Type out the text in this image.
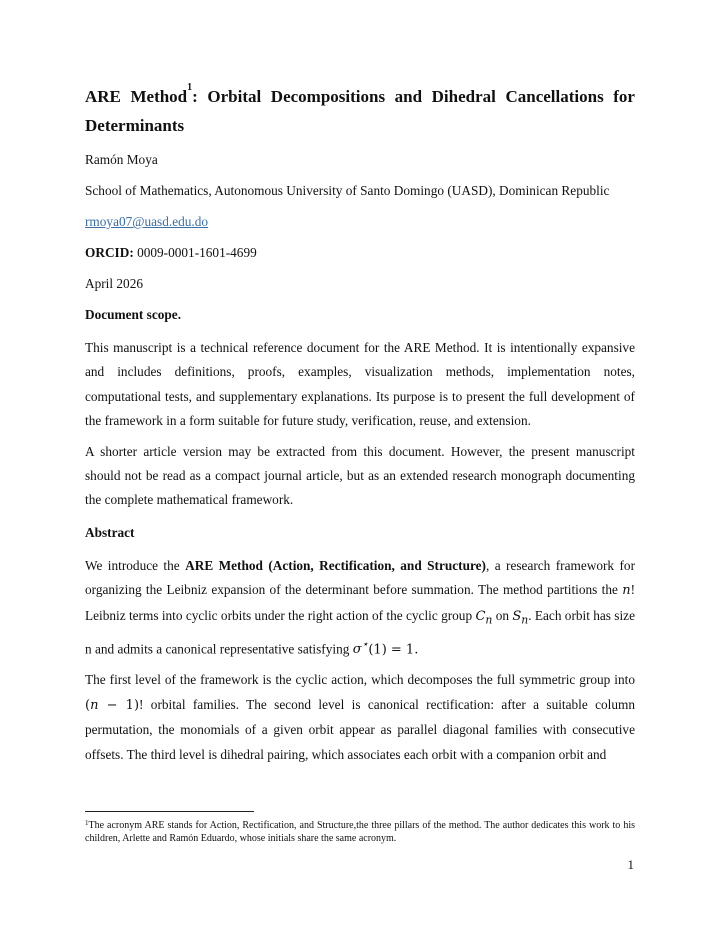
ARE Method$^1$: Orbital Decompositions and Dihedral Cancellations for Determinants
Ramón Moya
School of Mathematics, Autonomous University of Santo Domingo (UASD), Dominican Republic
rmoya07@uasd.edu.do
ORCID: 0009-0001-1601-4699
April 2026
Document scope.

This manuscript is a technical reference document for the ARE Method. It is intentionally expansive and includes definitions, proofs, examples, visualization methods, implementation notes, computational tests, and supplementary explanations. Its purpose is to present the full development of the framework in a form suitable for future study, verification, reuse, and extension.

A shorter article version may be extracted from this document. However, the present manuscript should not be read as a compact journal article, but as an extended research monograph documenting the complete mathematical framework.

Abstract

We introduce the ARE Method (Action, Rectification, and Structure), a research framework for organizing the Leibniz expansion of the determinant before summation. The method partitions the n! Leibniz terms into cyclic orbits under the right action of the cyclic group $C_n$ on $S_n$. Each orbit has size n and admits a canonical representative satisfying σ⋆(1) = 1.

The first level of the framework is the cyclic action, which decomposes the full symmetric group into (n − 1)! orbital families. The second level is canonical rectification: after a suitable column permutation, the monomials of a given orbit appear as parallel diagonal families with consecutive offsets. The third level is dihedral pairing, which associates each orbit with a companion orbit and

$^1$The acronym ARE stands for Action, Rectification, and Structure,the three pillars of the method. The author dedicates this work to his children, Arlette and Ramón Eduardo, whose initials share the same acronym.
1
